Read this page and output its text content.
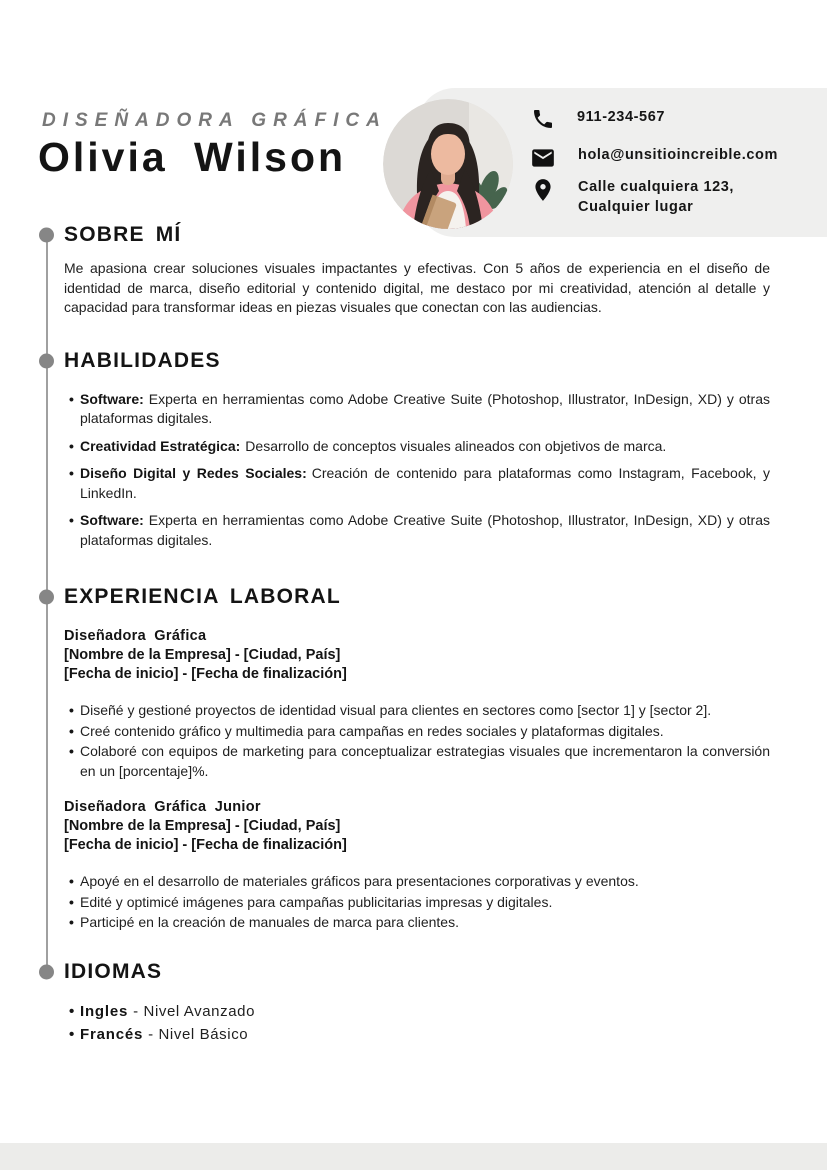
DISEÑADORA GRÁFICA
Olivia Wilson
911-234-567
hola@unsitioincreible.com
Calle cualquiera 123, Cualquier lugar
SOBRE MÍ

Me apasiona crear soluciones visuales impactantes y efectivas. Con 5 años de experiencia en el diseño de identidad de marca, diseño editorial y contenido digital, me destaco por mi creatividad, atención al detalle y capacidad para transformar ideas en piezas visuales que conectan con las audiencias.

HABILIDADES
• Software: Experta en herramientas como Adobe Creative Suite (Photoshop, Illustrator, InDesign, XD) y otras plataformas digitales.
• Creatividad Estratégica: Desarrollo de conceptos visuales alineados con objetivos de marca.
• Diseño Digital y Redes Sociales: Creación de contenido para plataformas como Instagram, Facebook, y LinkedIn.
• Software: Experta en herramientas como Adobe Creative Suite (Photoshop, Illustrator, InDesign, XD) y otras plataformas digitales.
EXPERIENCIA LABORAL
Diseñadora Gráfica
[Nombre de la Empresa] - [Ciudad, País]
[Fecha de inicio] - [Fecha de finalización]
• Diseñé y gestioné proyectos de identidad visual para clientes en sectores como [sector 1] y [sector 2].
• Creé contenido gráfico y multimedia para campañas en redes sociales y plataformas digitales.
• Colaboré con equipos de marketing para conceptualizar estrategias visuales que incrementaron la conversión en un [porcentaje]%.
Diseñadora Gráfica Junior
[Nombre de la Empresa] - [Ciudad, País]
[Fecha de inicio] - [Fecha de finalización]
• Apoyé en el desarrollo de materiales gráficos para presentaciones corporativas y eventos.
• Edité y optimicé imágenes para campañas publicitarias impresas y digitales.
• Participé en la creación de manuales de marca para clientes.
IDIOMAS
• Ingles - Nivel Avanzado
• Francés - Nivel Básico
